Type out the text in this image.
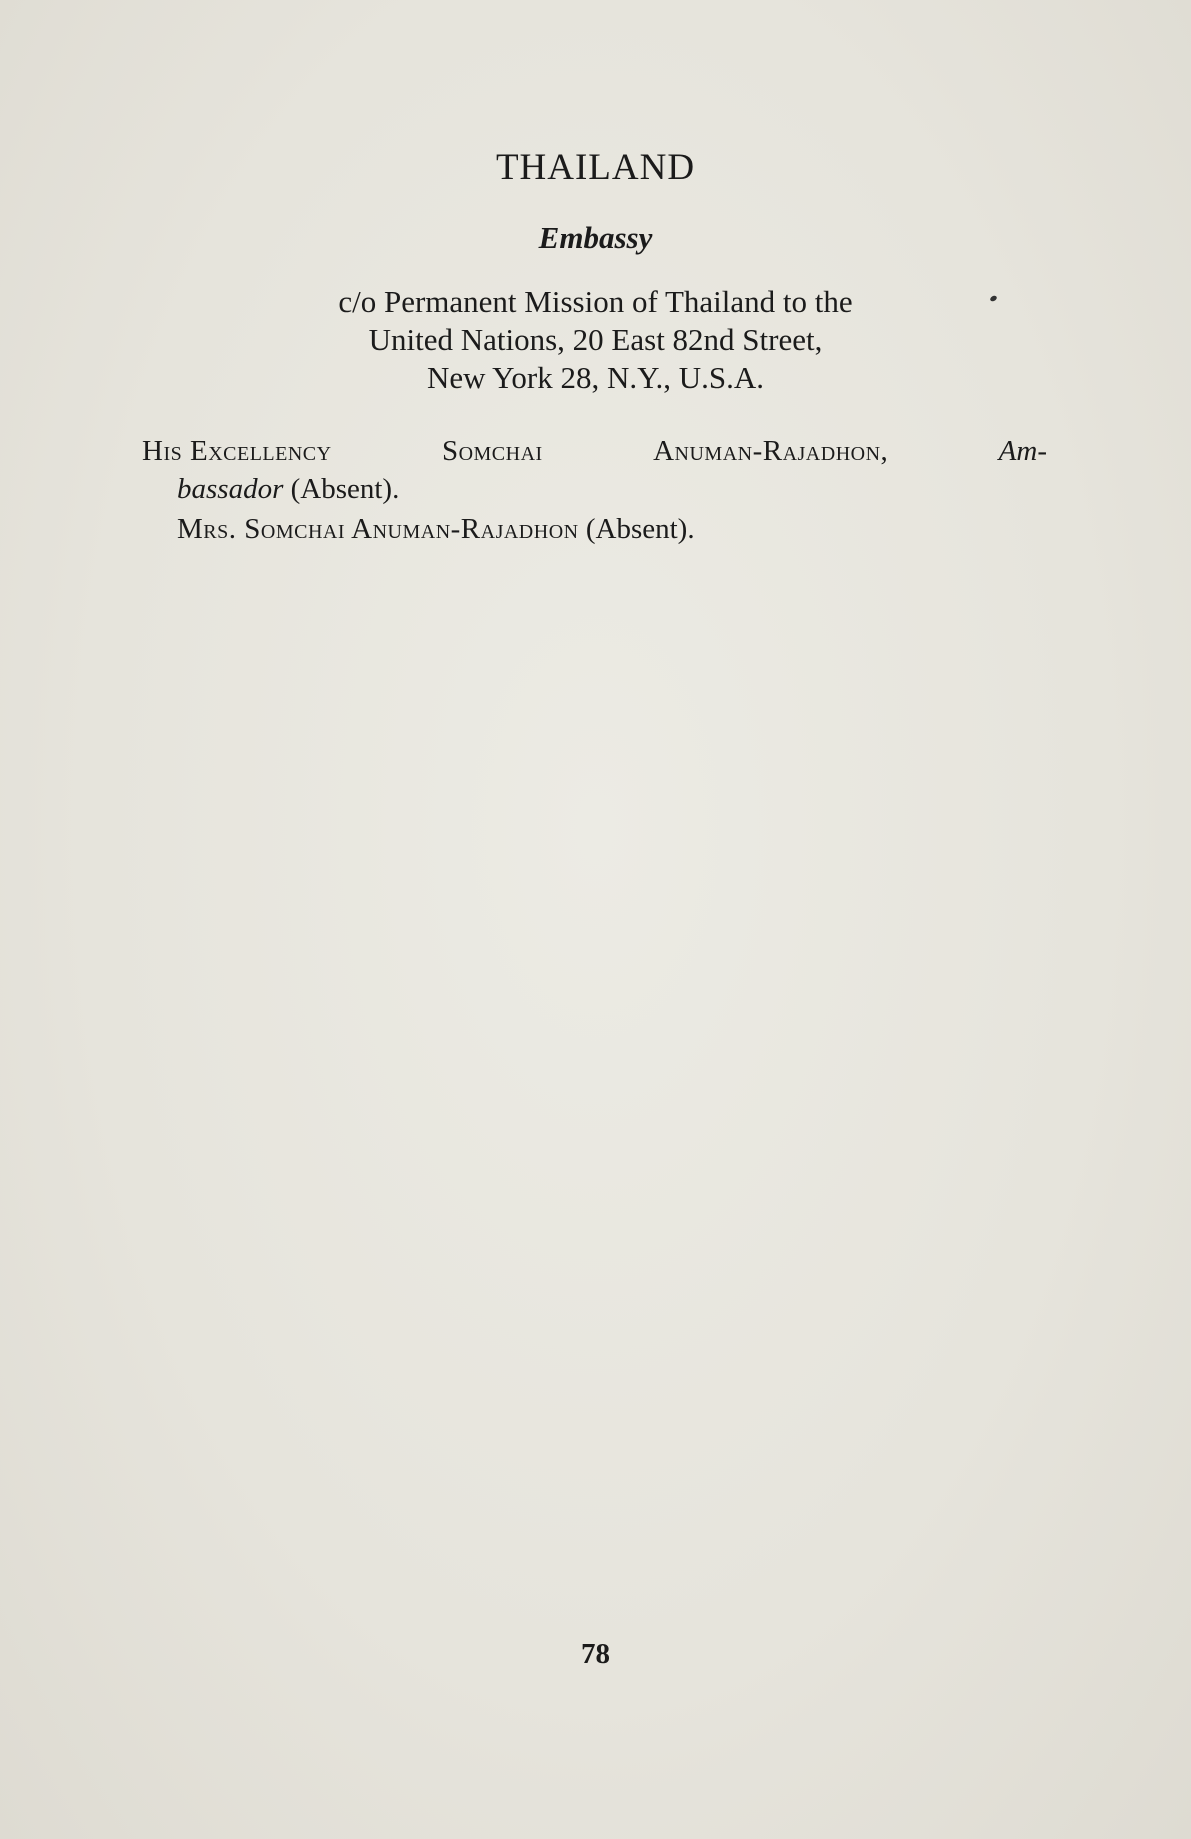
THAILAND
Embassy
c/o Permanent Mission of Thailand to the
United Nations, 20 East 82nd Street,
New York 28, N.Y., U.S.A.
His Excellency	Somchai	Anuman-Rajadhon,	Am-
bassador (Absent).
Mrs. Somchai Anuman-Rajadhon (Absent).
78
